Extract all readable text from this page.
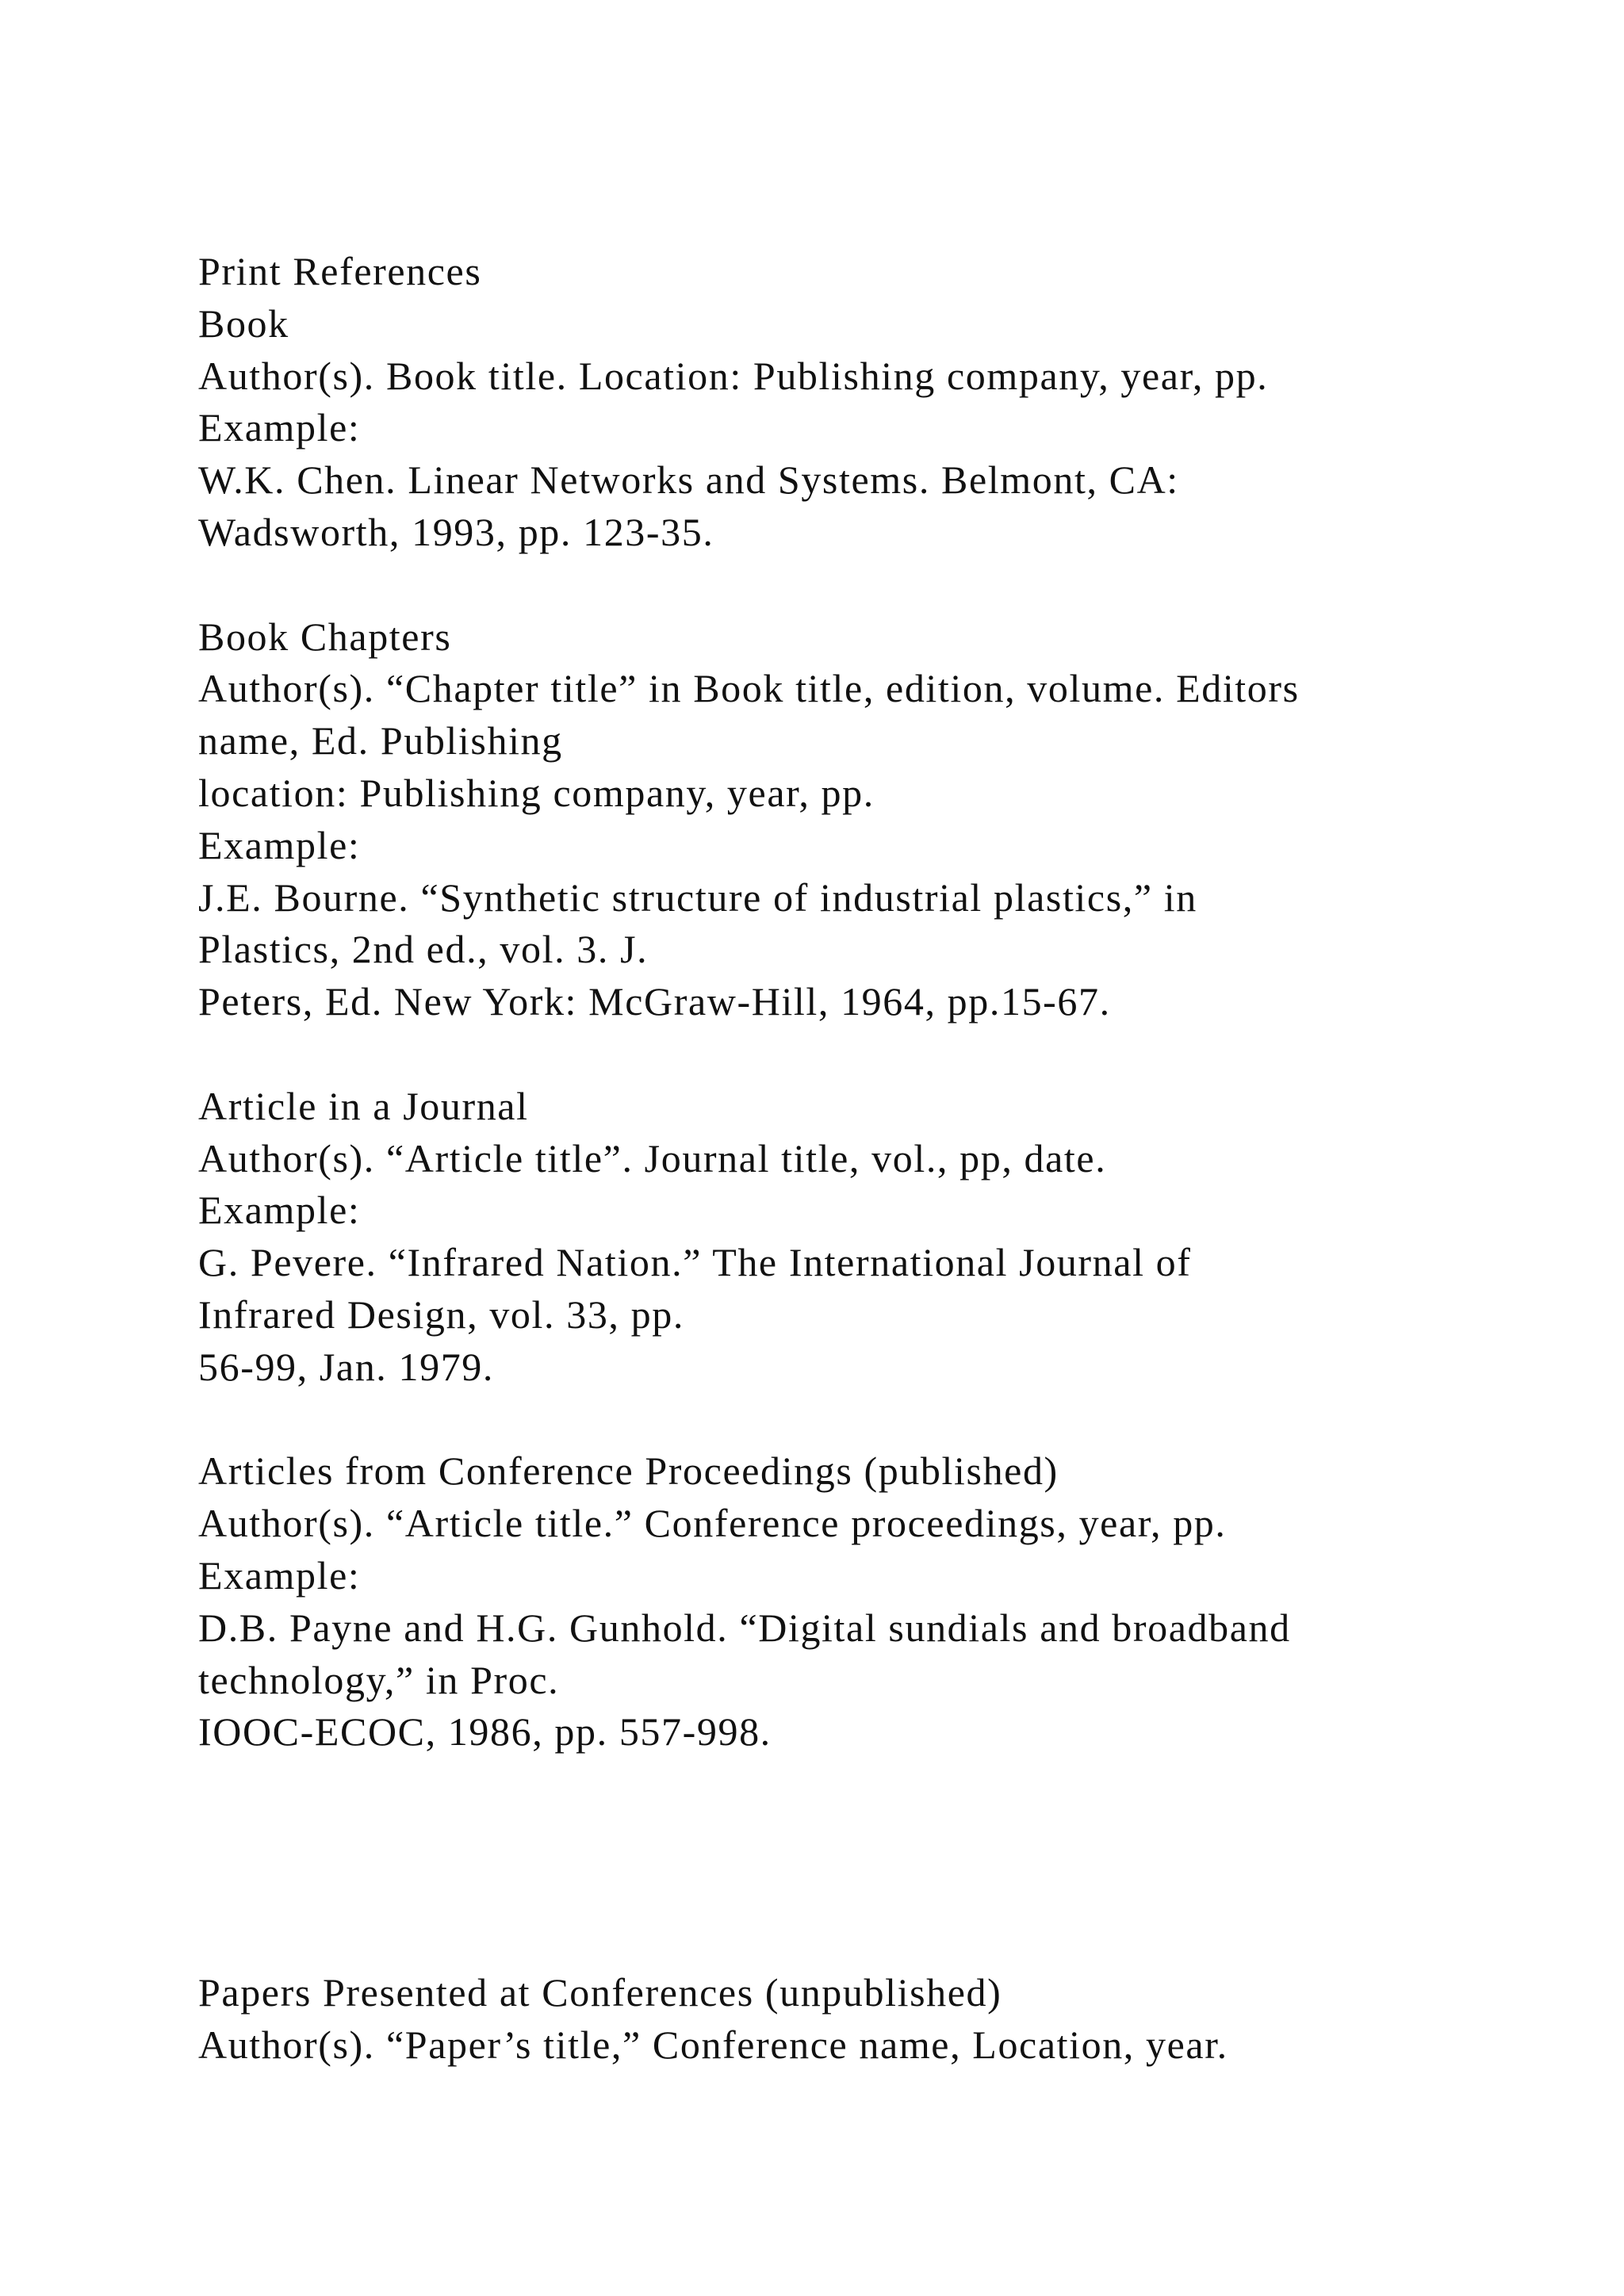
Print References
Book
Author(s). Book title. Location: Publishing company, year, pp.
Example:
W.K. Chen. Linear Networks and Systems. Belmont, CA:
Wadsworth, 1993, pp. 123-35.
Book Chapters
Author(s). “Chapter title” in Book title, edition, volume. Editors
name, Ed. Publishing
location: Publishing company, year, pp.
Example:
J.E. Bourne. “Synthetic structure of industrial plastics,” in
Plastics, 2nd ed., vol. 3. J.
Peters, Ed. New York: McGraw-Hill, 1964, pp.15-67.
Article in a Journal
Author(s). “Article title”. Journal title, vol., pp, date.
Example:
G. Pevere. “Infrared Nation.” The International Journal of
Infrared Design, vol. 33, pp.
56-99, Jan. 1979.
Articles from Conference Proceedings (published)
Author(s). “Article title.” Conference proceedings, year, pp.
Example:
D.B. Payne and H.G. Gunhold. “Digital sundials and broadband
technology,” in Proc.
IOOC-ECOC, 1986, pp. 557-998.
Papers Presented at Conferences (unpublished)
Author(s). “Paper’s title,” Conference name, Location, year.
